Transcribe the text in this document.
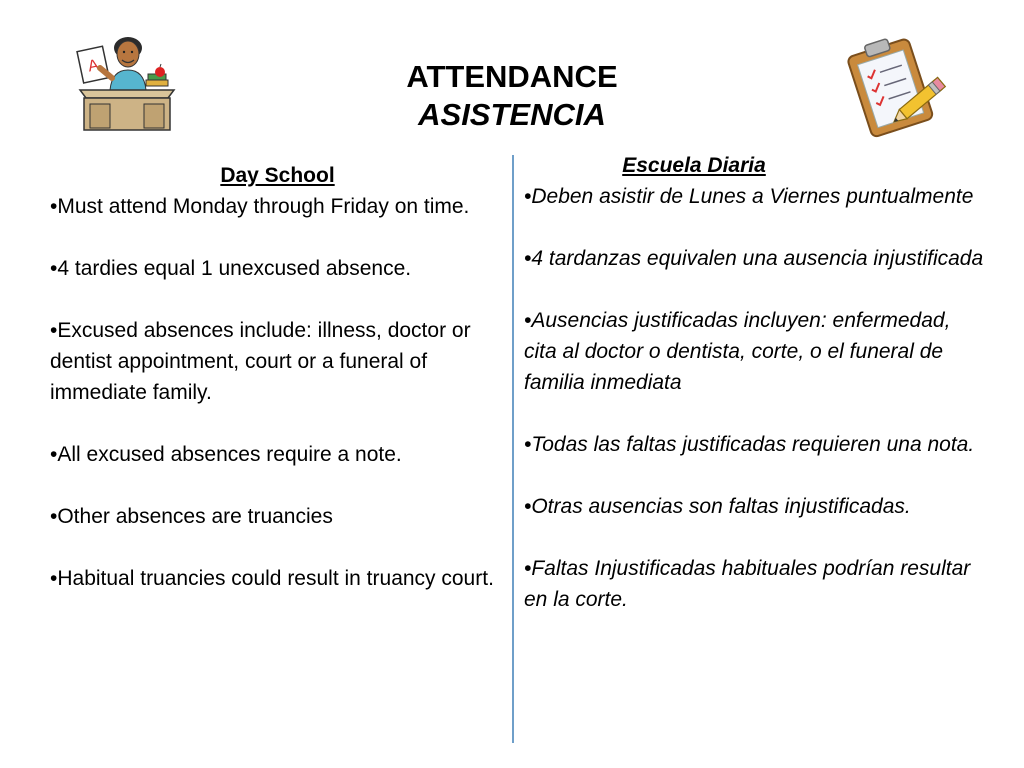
A	ATTENDANCE
ASISTENCIA
Day School
•Must attend Monday through Friday on time.
•4 tardies equal 1 unexcused absence.
•Excused absences include: illness, doctor or dentist appointment, court or a funeral of immediate family.
•All excused absences require a note.
•Other absences are truancies
•Habitual truancies could result in truancy court.
Escuela Diaria
•Deben asistir de Lunes a Viernes puntualmente
•4 tardanzas equivalen una ausencia injustificada
•Ausencias justificadas incluyen: enfermedad, cita al doctor o dentista, corte, o el funeral de familia inmediata
•Todas las faltas justificadas requieren una nota.
•Otras ausencias son faltas injustificadas.
•Faltas Injustificadas habituales podrían resultar en la corte.
